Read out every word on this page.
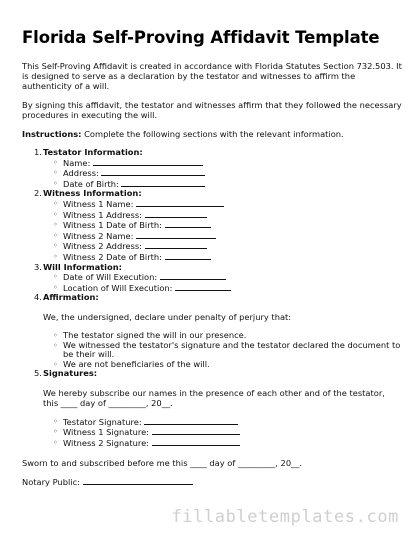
Florida Self-Proving Affidavit Template

This Self-Proving Affidavit is created in accordance with Florida Statutes Section 732.503. It is designed to serve as a declaration by the testator and witnesses to affirm the authenticity of a will.

By signing this affidavit, the testator and witnesses affirm that they followed the necessary procedures in executing the will.

Instructions: Complete the following sections with the relevant information.

1.Testator Information:
◦ Name:
◦ Address:
◦ Date of Birth:
2.Witness Information:
◦ Witness 1 Name:
◦ Witness 1 Address:
◦ Witness 1 Date of Birth:
◦ Witness 2 Name:
◦ Witness 2 Address:
◦ Witness 2 Date of Birth:
3.Will Information:
◦ Date of Will Execution:
◦ Location of Will Execution:
4.Affirmation:

We, the undersigned, declare under penalty of perjury that:

◦ The testator signed the will in our presence.
◦ We witnessed the testator's signature and the testator declared the document to be their will.
◦ We are not beneficiaries of the will.
5.Signatures:

We hereby subscribe our names in the presence of each other and of the testator,
this ____ day of _________, 20__.

◦ Testator Signature:
◦ Witness 1 Signature:
◦ Witness 2 Signature:

Sworn to and subscribed before me this ____ day of _________, 20__.

Notary Public:

fillabletemplates.com
